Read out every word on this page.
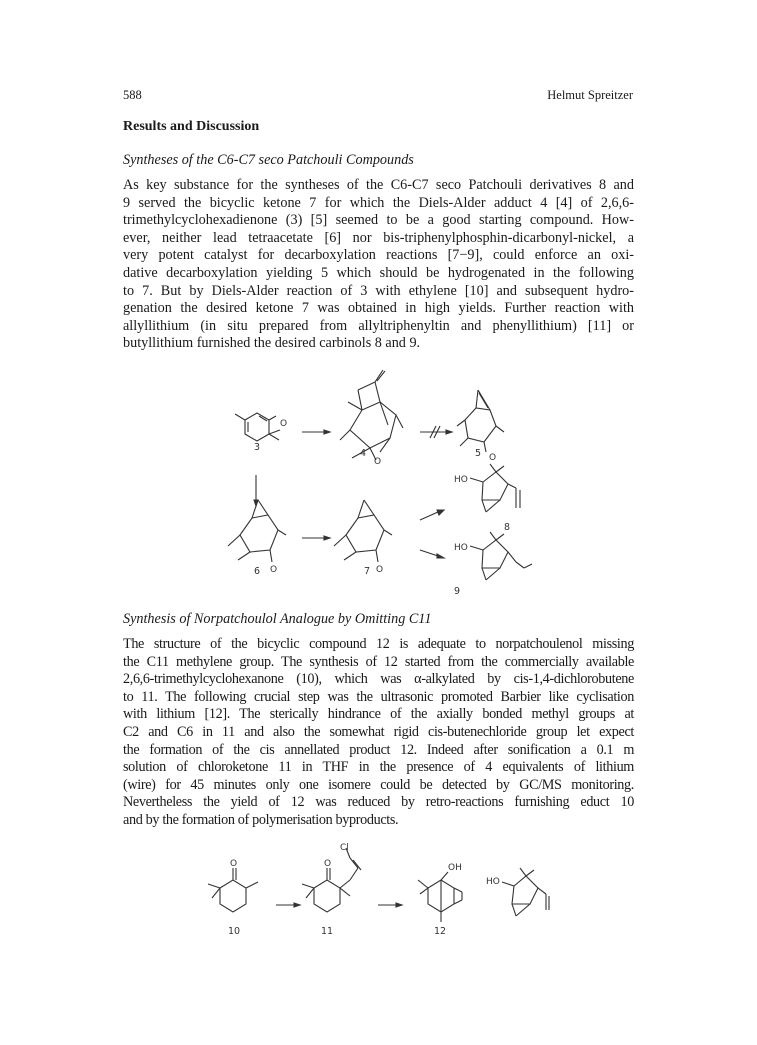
588	Helmut Spreitzer
Results and Discussion
Syntheses of the C6-C7 seco Patchouli Compounds

As key substance for the syntheses of the C6-C7 seco Patchouli derivatives 8 and
9 served the bicyclic ketone 7 for which the Diels-Alder adduct 4 [4] of 2,6,6-
trimethylcyclohexadienone (3) [5] seemed to be a good starting compound. How-
ever, neither lead tetraacetate [6] nor bis-triphenylphosphin-dicarbonyl-nickel, a
very potent catalyst for decarboxylation reactions [7−9], could enforce an oxi-
dative decarboxylation yielding 5 which should be hydrogenated in the following
to 7. But by Diels-Alder reaction of 3 with ethylene [10] and subsequent hydro-
genation the desired ketone 7 was obtained in high yields. Further reaction with
allyllithium (in situ prepared from allyltriphenyltin and phenyllithium) [11] or
butyllithium furnished the desired carbinols 8 and 9.

O
O	O
O	O
HO
HO
3
4	5
6	7
8
9
Synthesis of Norpatchoulol Analogue by Omitting C11

The structure of the bicyclic compound 12 is adequate to norpatchoulenol missing
the C11 methylene group. The synthesis of 12 started from the commercially available
2,6,6-trimethylcyclohexanone (10), which was α-alkylated by cis-1,4-dichlorobutene
to 11. The following crucial step was the ultrasonic promoted Barbier like cyclisation
with lithium [12]. The sterically hindrance of the axially bonded methyl groups at
C2 and C6 in 11 and also the somewhat rigid cis-butenechloride group let expect
the formation of the cis annellated product 12. Indeed after sonification a 0.1 m
solution of chloroketone 11 in THF in the presence of 4 equivalents of lithium
(wire) for 45 minutes only one isomere could be detected by GC/MS monitoring.
Nevertheless the yield of 12 was reduced by retro-reactions furnishing educt 10
and by the formation of polymerisation byproducts.

O	O
Cl
OH
HO
10	11	12
